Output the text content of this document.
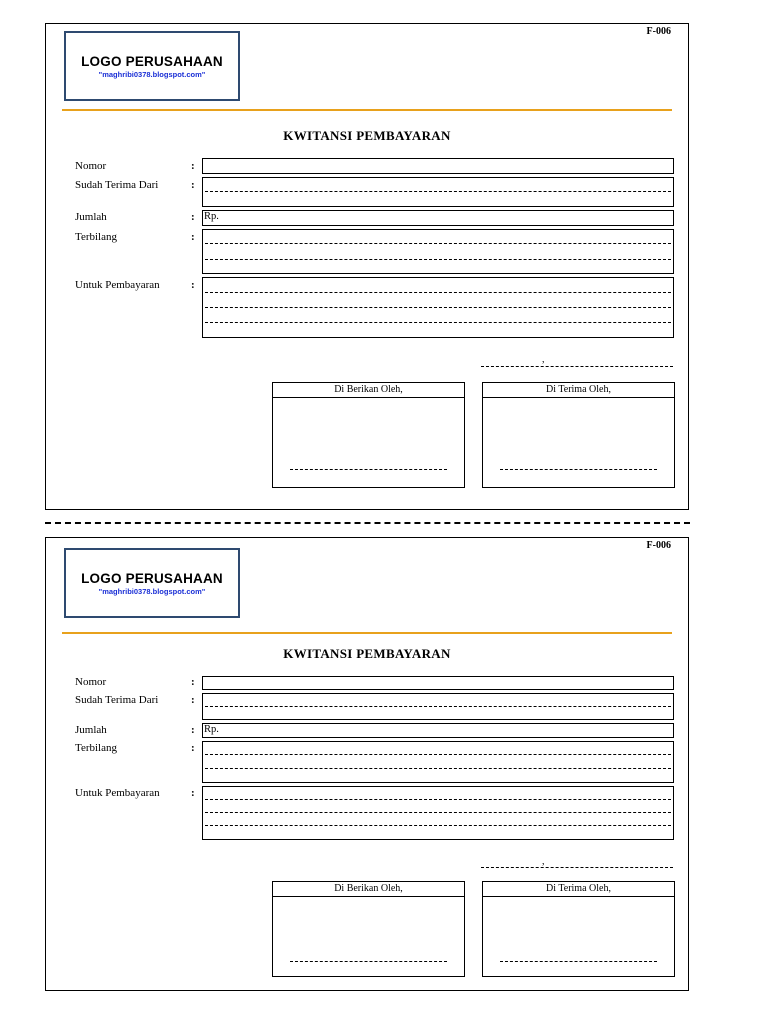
F-006
LOGO PERUSAHAAN
"maghribi0378.blogspot.com"
KWITANSI PEMBAYARAN
Nomor	:
Sudah Terima Dari	:
Jumlah	: Rp.
Terbilang	:
Untuk Pembayaran	:
,
Di Berikan Oleh,	Di Terima Oleh,
F-006
LOGO PERUSAHAAN
"maghribi0378.blogspot.com"
KWITANSI PEMBAYARAN
Nomor	:
Sudah Terima Dari	:
Jumlah	: Rp.
Terbilang	:
Untuk Pembayaran	:
,
Di Berikan Oleh,	Di Terima Oleh,
